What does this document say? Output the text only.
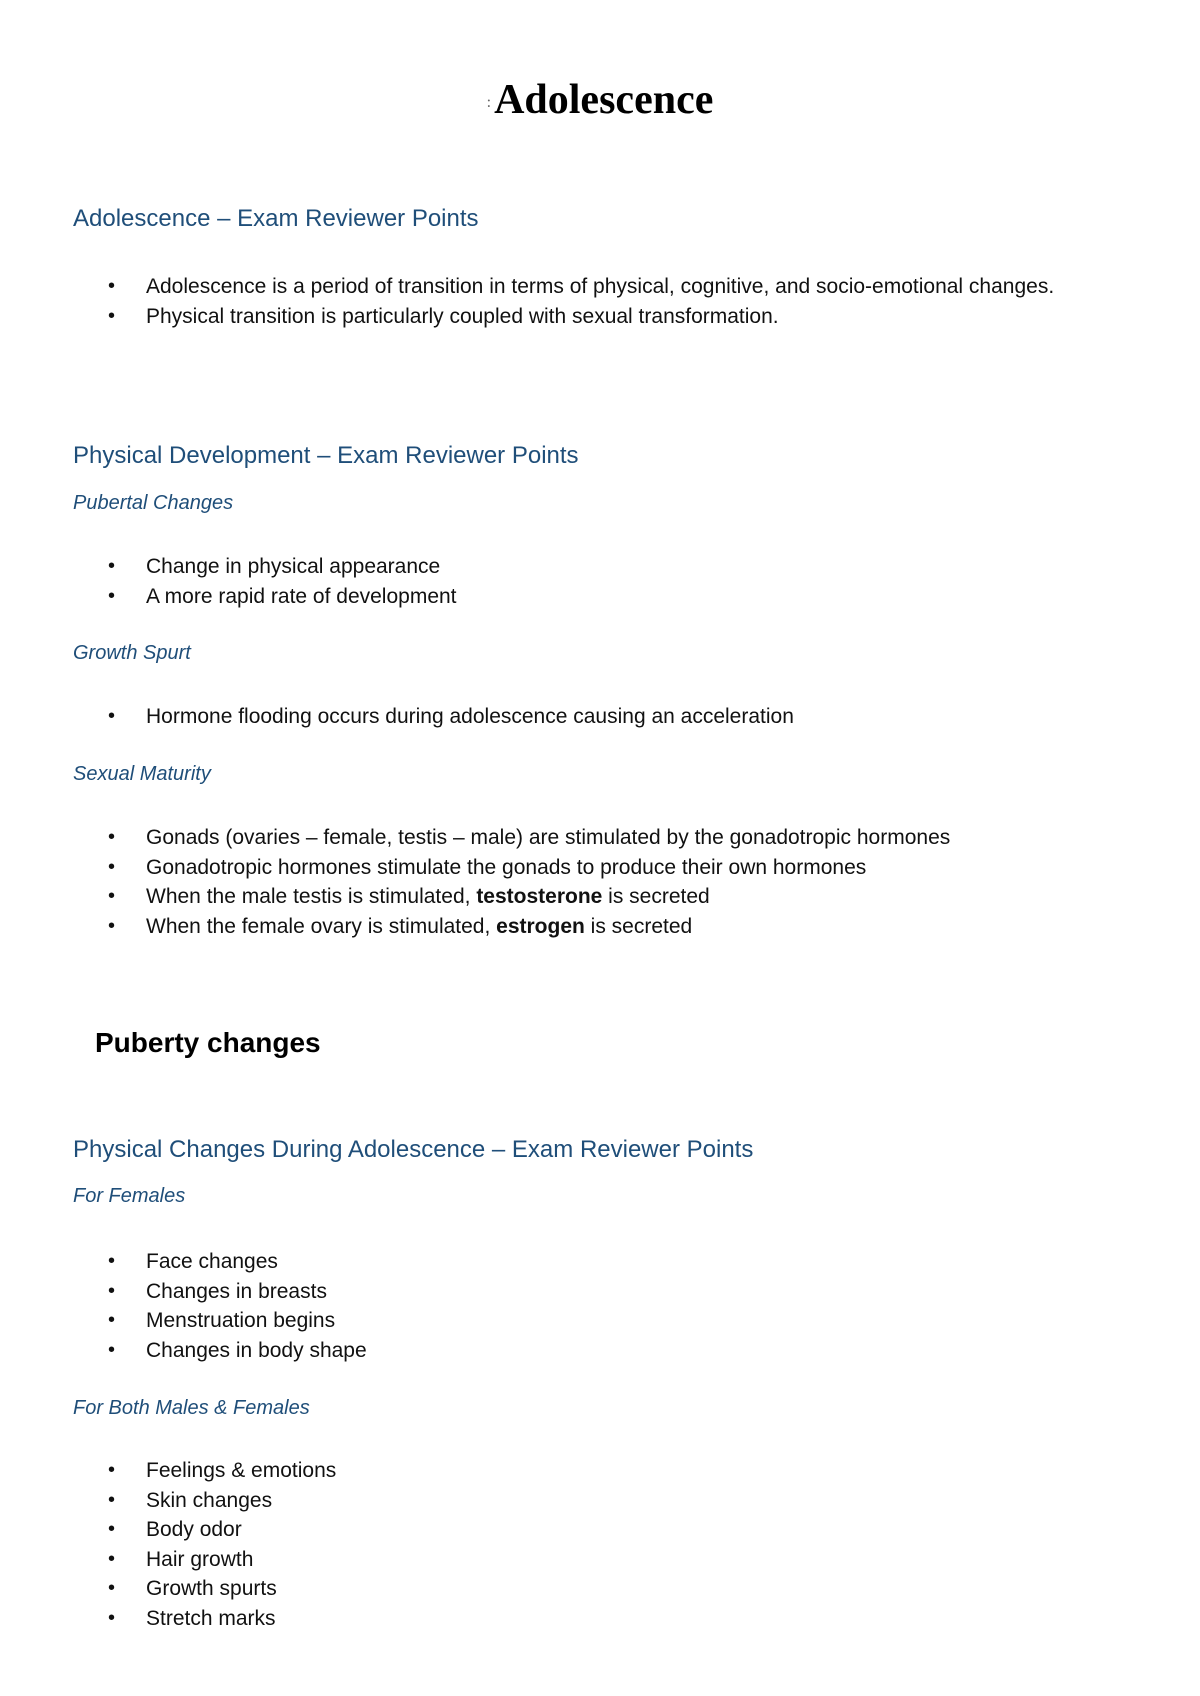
:Adolescence
Adolescence – Exam Reviewer Points
• Adolescence is a period of transition in terms of physical, cognitive, and socio-emotional changes.
• Physical transition is particularly coupled with sexual transformation.
Physical Development – Exam Reviewer Points
Pubertal Changes
• Change in physical appearance
• A more rapid rate of development
Growth Spurt
• Hormone flooding occurs during adolescence causing an acceleration
Sexual Maturity
• Gonads (ovaries – female, testis – male) are stimulated by the gonadotropic hormones
• Gonadotropic hormones stimulate the gonads to produce their own hormones
• When the male testis is stimulated, testosterone is secreted
• When the female ovary is stimulated, estrogen is secreted
Puberty changes
Physical Changes During Adolescence – Exam Reviewer Points
For Females
• Face changes
• Changes in breasts
• Menstruation begins
• Changes in body shape
For Both Males & Females
• Feelings & emotions
• Skin changes
• Body odor
• Hair growth
• Growth spurts
• Stretch marks
